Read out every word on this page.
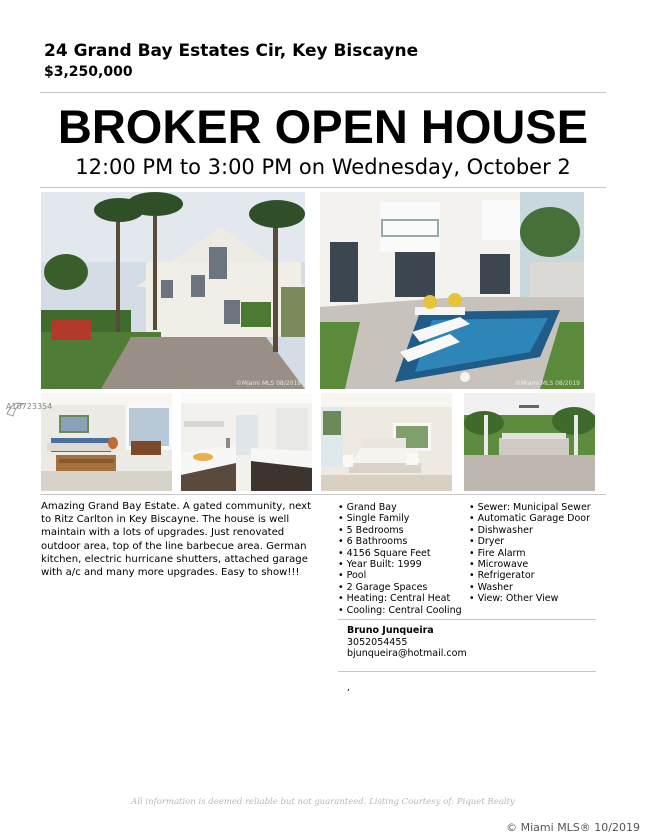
24 Grand Bay Estates Cir, Key Biscayne
$3,250,000
BROKER OPEN HOUSE
12:00 PM to 3:00 PM on Wednesday, October 2
©Miami MLS 08/2019	©Miami MLS 08/2019
Amazing Grand Bay Estate. A gated community, next to Ritz Carlton in Key Biscayne. The house is well maintain with a lots of upgrades. Just renovated outdoor area, top of the line barbecue area. German kitchen, electric hurricane shutters, attached garage with a/c and many more upgrades. Easy to show!!!
• Grand Bay
• Single Family
• 5 Bedrooms
• 6 Bathrooms
• 4156 Square Feet
• Year Built: 1999
• Pool
• 2 Garage Spaces
• Heating: Central Heat
• Cooling: Central Cooling
• Sewer: Municipal Sewer
• Automatic Garage Door
• Dishwasher
• Dryer
• Fire Alarm
• Microwave
• Refrigerator
• Washer
• View: Other View
Bruno Junqueira
3052054455
bjunqueira@hotmail.com
,
A10723354
All information is deemed reliable but not guaranteed. Listing Courtesy of: Piquet Realty
© Miami MLS® 10/2019
